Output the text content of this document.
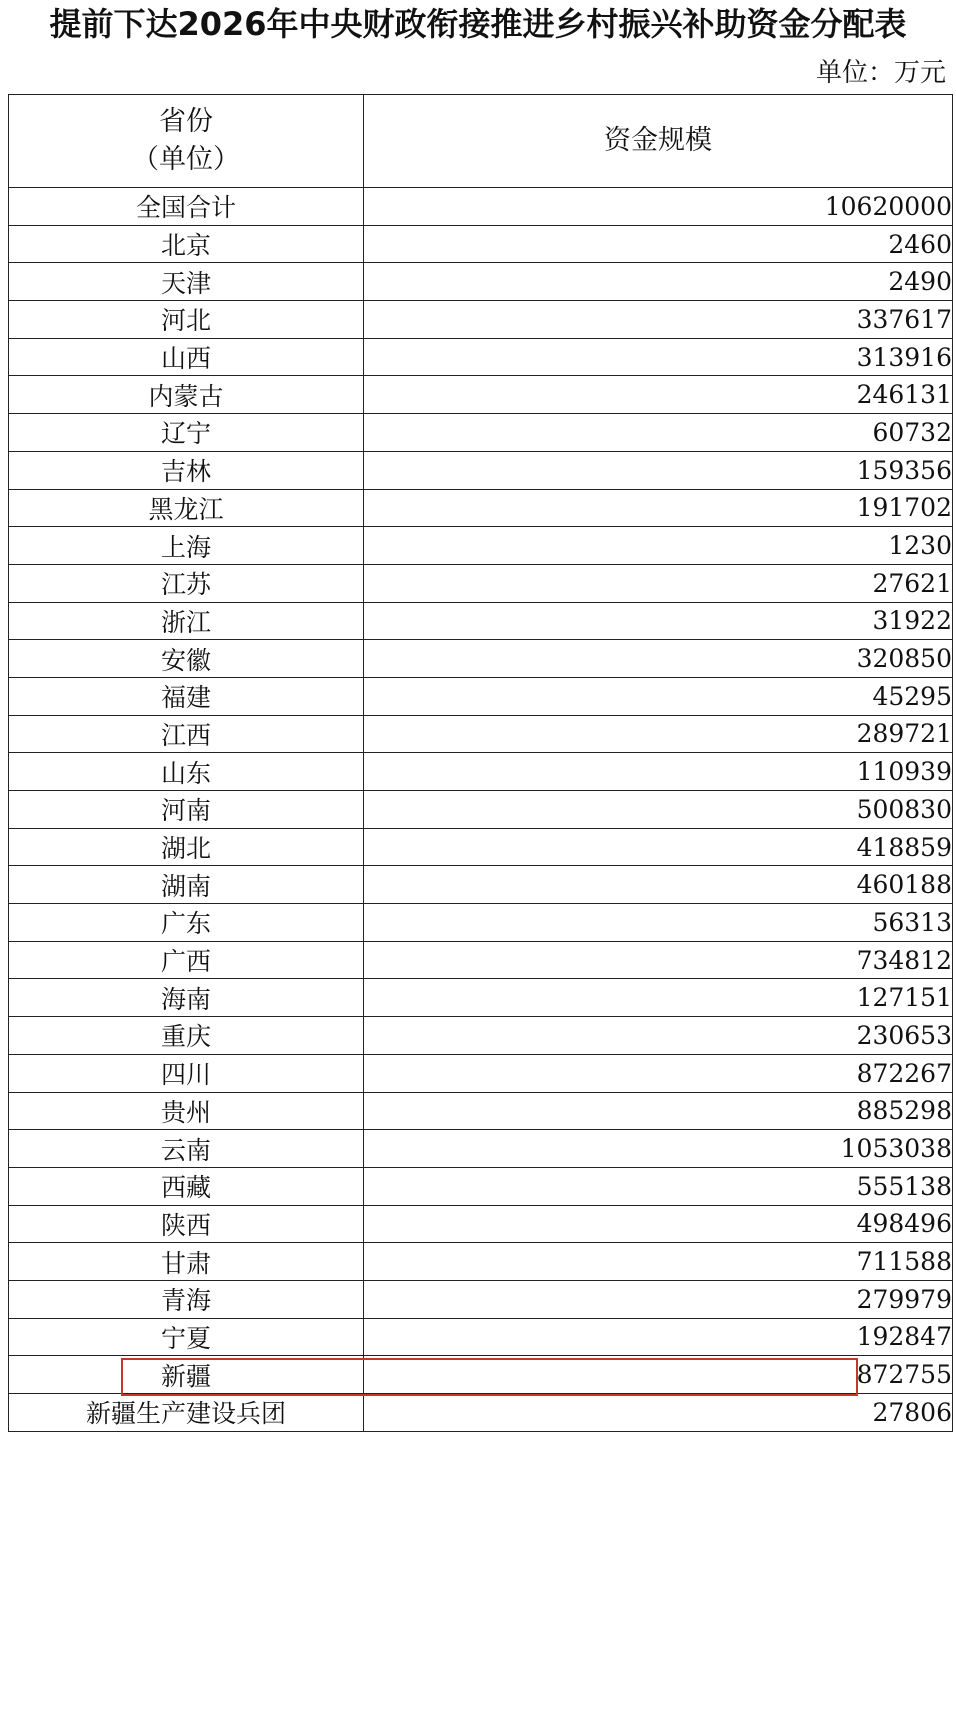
提前下达2026年中央财政衔接推进乡村振兴补助资金分配表
单位：万元
省份
（单位）	资金规模
全国合计	10620000
北京	2460
天津	2490
河北	337617
山西	313916
内蒙古	246131
辽宁	60732
吉林	159356
黑龙江	191702
上海	1230
江苏	27621
浙江	31922
安徽	320850
福建	45295
江西	289721
山东	110939
河南	500830
湖北	418859
湖南	460188
广东	56313
广西	734812
海南	127151
重庆	230653
四川	872267
贵州	885298
云南	1053038
西藏	555138
陕西	498496
甘肃	711588
青海	279979
宁夏	192847
新疆	872755
新疆生产建设兵团	27806
